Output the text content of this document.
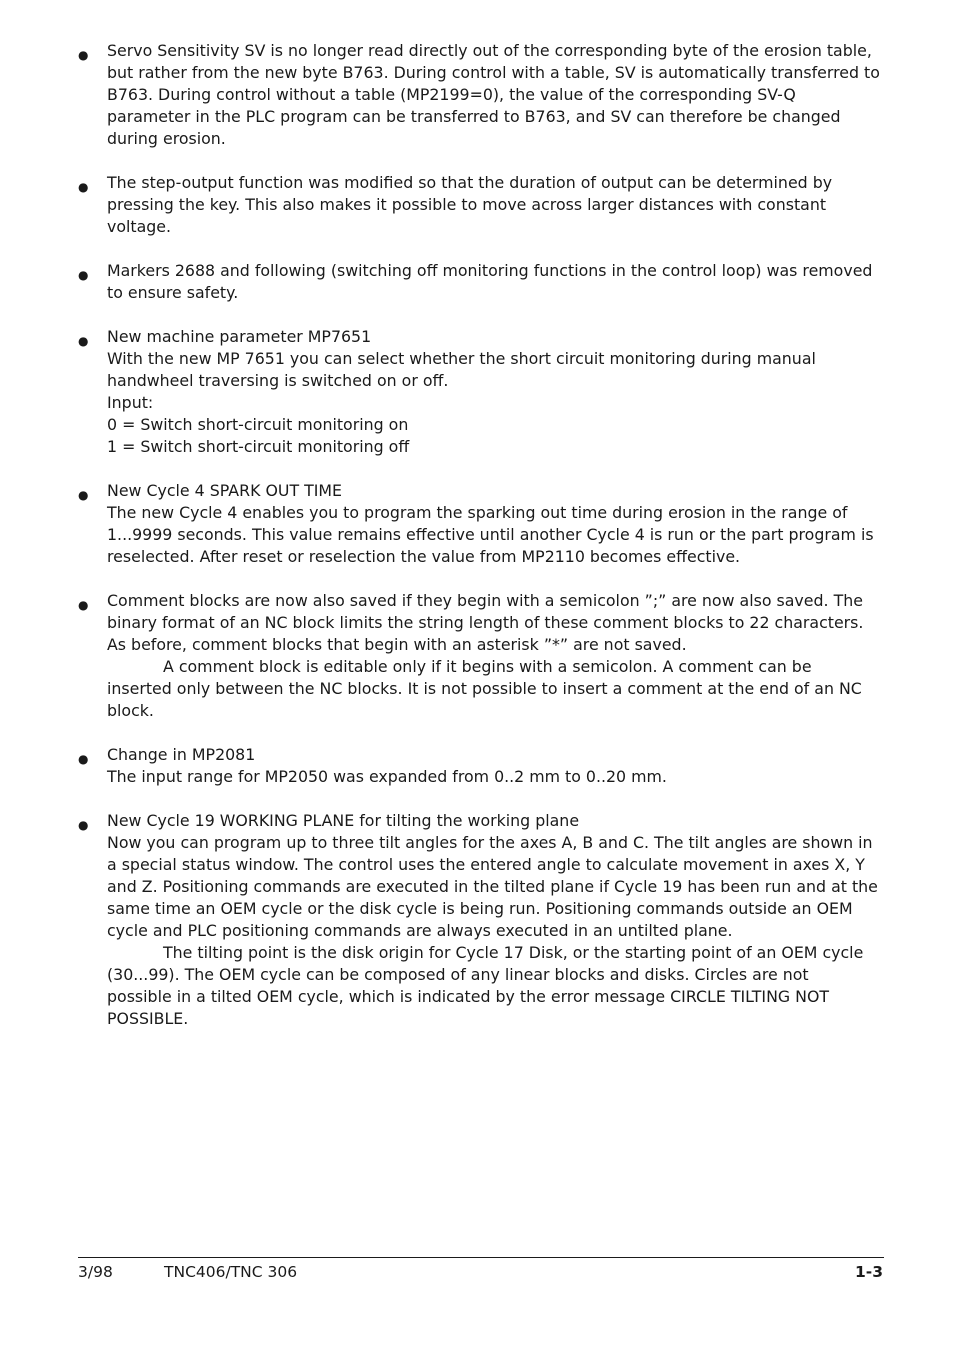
● Servo Sensitivity SV is no longer read directly out of the corresponding byte of the erosion table,
but rather from the new byte B763. During control with a table, SV is automatically transferred to
B763. During control without a table (MP2199=0), the value of the corresponding SV-Q
parameter in the PLC program can be transferred to B763, and SV can therefore be changed
during erosion.
● The step-output function was modified so that the duration of output can be determined by
pressing the key. This also makes it possible to move across larger distances with constant
voltage.
● Markers 2688 and following (switching off monitoring functions in the control loop) was removed
to ensure safety.
● New machine parameter MP7651
With the new MP 7651 you can select whether the short circuit monitoring during manual
handwheel traversing is switched on or off.
Input:
0 = Switch short-circuit monitoring on
1 = Switch short-circuit monitoring off
● New Cycle 4 SPARK OUT TIME
The new Cycle 4 enables you to program the sparking out time during erosion in the range of
1...9999 seconds. This value remains effective until another Cycle 4 is run or the part program is
reselected. After reset or reselection the value from MP2110 becomes effective.
● Comment blocks are now also saved if they begin with a semicolon ”;” are now also saved. The
binary format of an NC block limits the string length of these comment blocks to 22 characters.
As before, comment blocks that begin with an asterisk ”*” are not saved.
A comment block is editable only if it begins with a semicolon. A comment can be
inserted only between the NC blocks. It is not possible to insert a comment at the end of an NC
block.
● Change in MP2081
The input range for MP2050 was expanded from 0..2 mm to 0..20 mm.
● New Cycle 19 WORKING PLANE for tilting the working plane
Now you can program up to three tilt angles for the axes A, B and C. The tilt angles are shown in
a special status window. The control uses the entered angle to calculate movement in axes X, Y
and Z. Positioning commands are executed in the tilted plane if Cycle 19 has been run and at the
same time an OEM cycle or the disk cycle is being run. Positioning commands outside an OEM
cycle and PLC positioning commands are always executed in an untilted plane.
The tilting point is the disk origin for Cycle 17 Disk, or the starting point of an OEM cycle
(30...99). The OEM cycle can be composed of any linear blocks and disks. Circles are not
possible in a tilted OEM cycle, which is indicated by the error message CIRCLE TILTING NOT
POSSIBLE.
3/98	TNC406/TNC 306	1-3
